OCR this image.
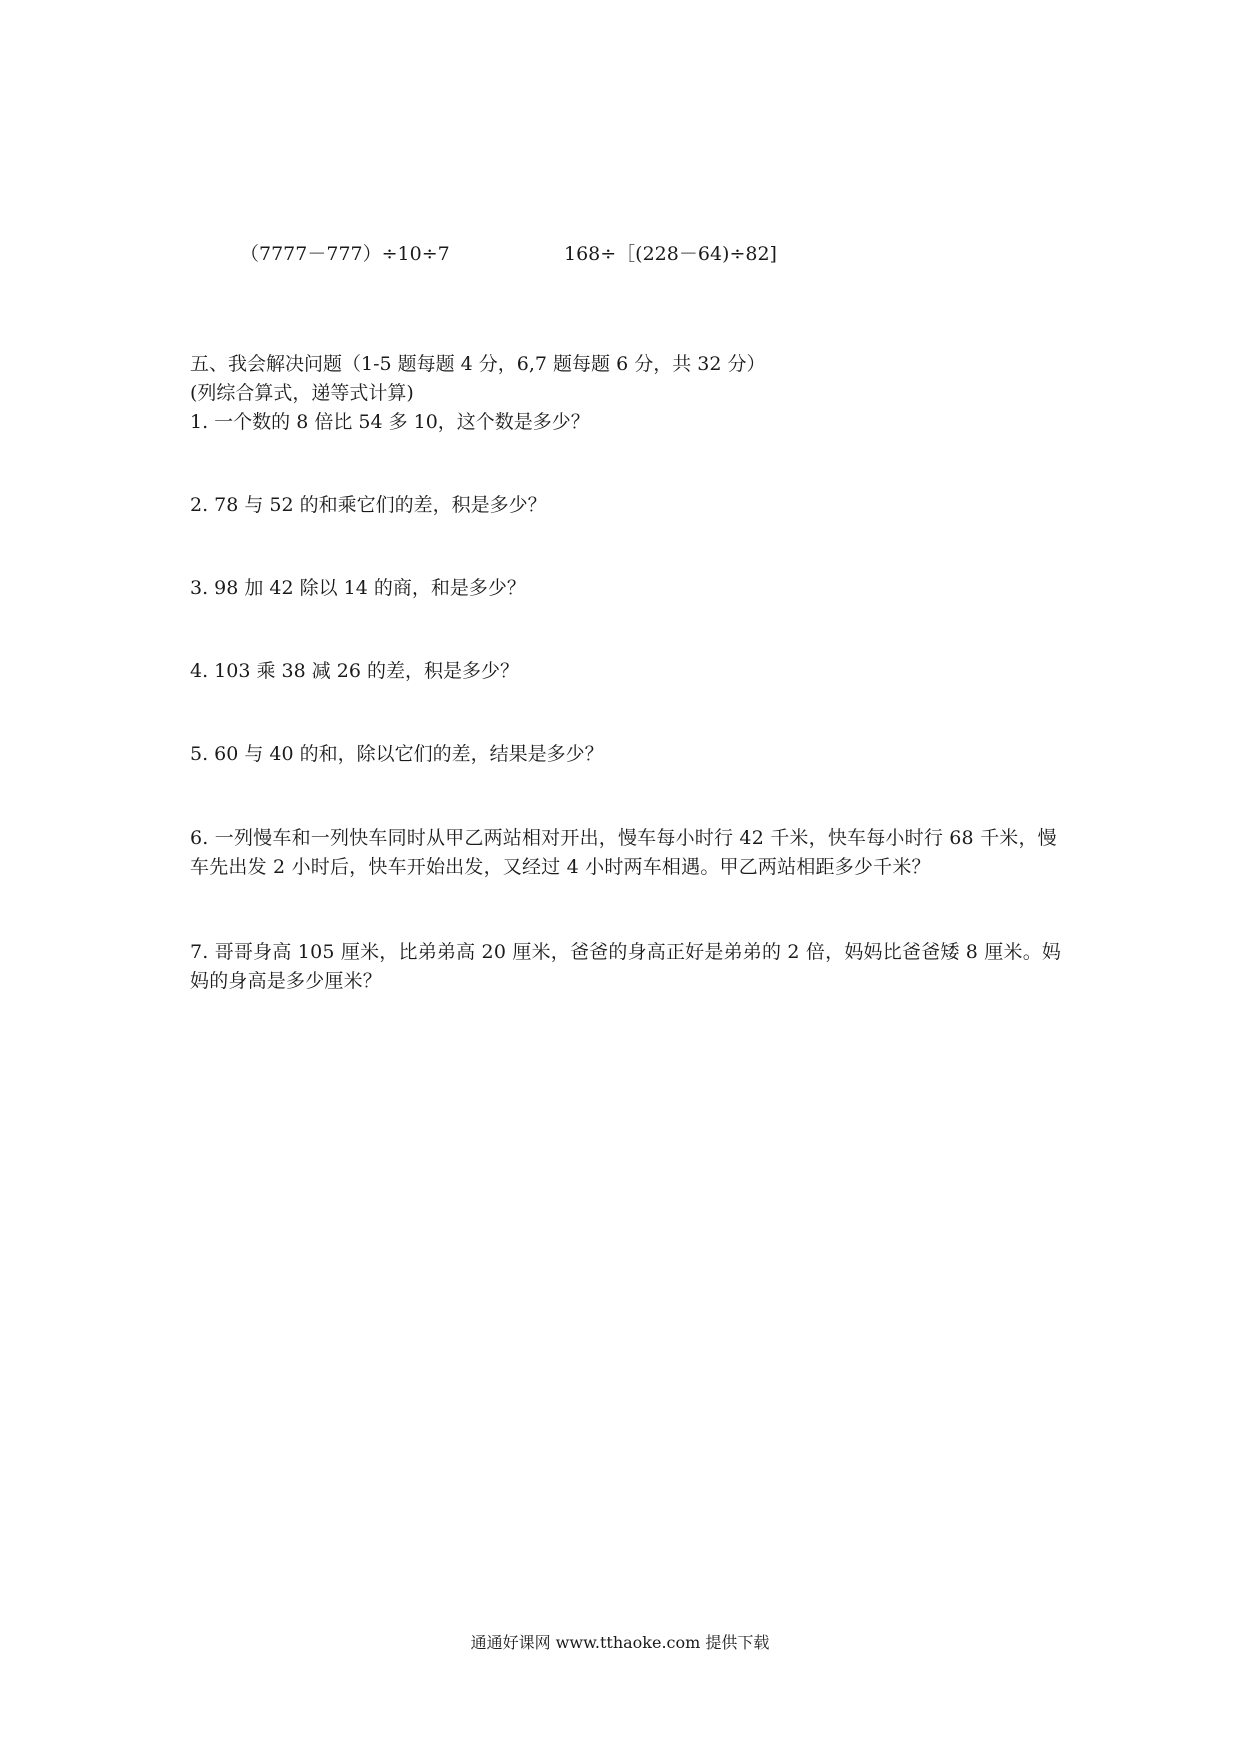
（7777－777）÷10÷7	168÷［(228－64)÷82]
五、我会解决问题（1-5 题每题 4 分，6,7 题每题 6 分，共 32 分）
(列综合算式，递等式计算)

1. 一个数的 8 倍比 54 多 10，这个数是多少？

2. 78 与 52 的和乘它们的差，积是多少？

3. 98 加 42 除以 14 的商，和是多少？

4. 103 乘 38 减 26 的差，积是多少？

5. 60 与 40 的和，除以它们的差，结果是多少？

6. 一列慢车和一列快车同时从甲乙两站相对开出，慢车每小时行 42 千米，快车每小时行 68 千米，慢车先出发 2 小时后，快车开始出发，又经过 4 小时两车相遇。甲乙两站相距多少千米？

7. 哥哥身高 105 厘米，比弟弟高 20 厘米，爸爸的身高正好是弟弟的 2 倍，妈妈比爸爸矮 8 厘米。妈妈的身高是多少厘米？

通通好课网 www.tthaoke.com 提供下载
